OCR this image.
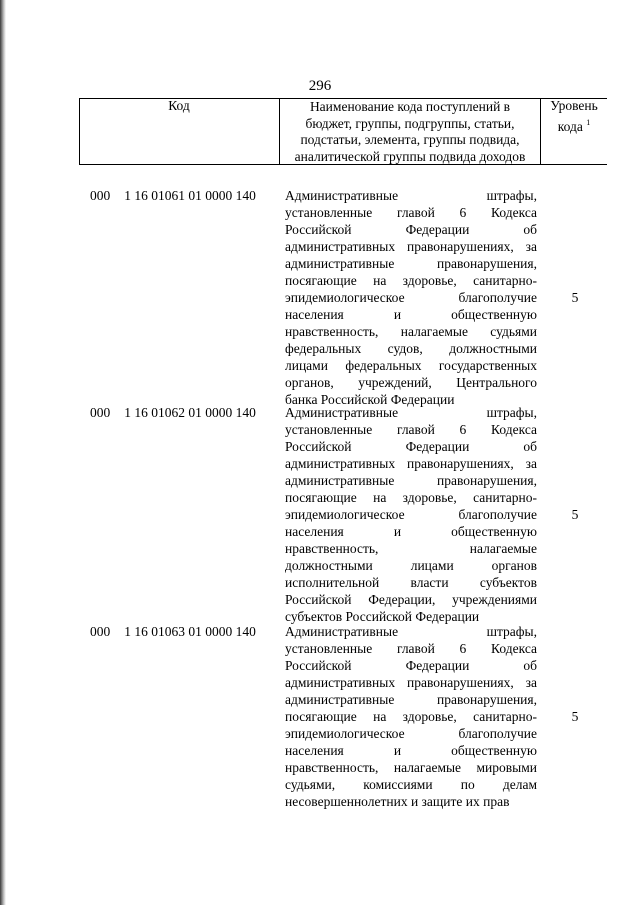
296
Код	Наименование кода поступлений в
бюджет, группы, подгруппы, статьи,
подстатьи, элемента, группы подвида,
аналитической группы подвида доходов
Уровень
кода $^1$
000 1 16 01061 01 0000 140 Административные штрафы,
установленные главой 6 Кодекса
Российской Федерации об
административных правонарушениях, за
административные правонарушения,
посягающие на здоровье, санитарно-
эпидемиологическое благополучие
населения и общественную
нравственность, налагаемые судьями
федеральных судов, должностными
лицами федеральных государственных
органов, учреждений, Центрального
банка Российской Федерации
5
000 1 16 01062 01 0000 140 Административные штрафы,
установленные главой 6 Кодекса
Российской Федерации об
административных правонарушениях, за
административные правонарушения,
посягающие на здоровье, санитарно-
эпидемиологическое благополучие
населения и общественную
нравственность, налагаемые
должностными лицами органов
исполнительной власти субъектов
Российской Федерации, учреждениями
субъектов Российской Федерации
5
000 1 16 01063 01 0000 140 Административные штрафы,
установленные главой 6 Кодекса
Российской Федерации об
административных правонарушениях, за
административные правонарушения,
посягающие на здоровье, санитарно-
эпидемиологическое благополучие
населения и общественную
нравственность, налагаемые мировыми
судьями, комиссиями по делам
несовершеннолетних и защите их прав
5
